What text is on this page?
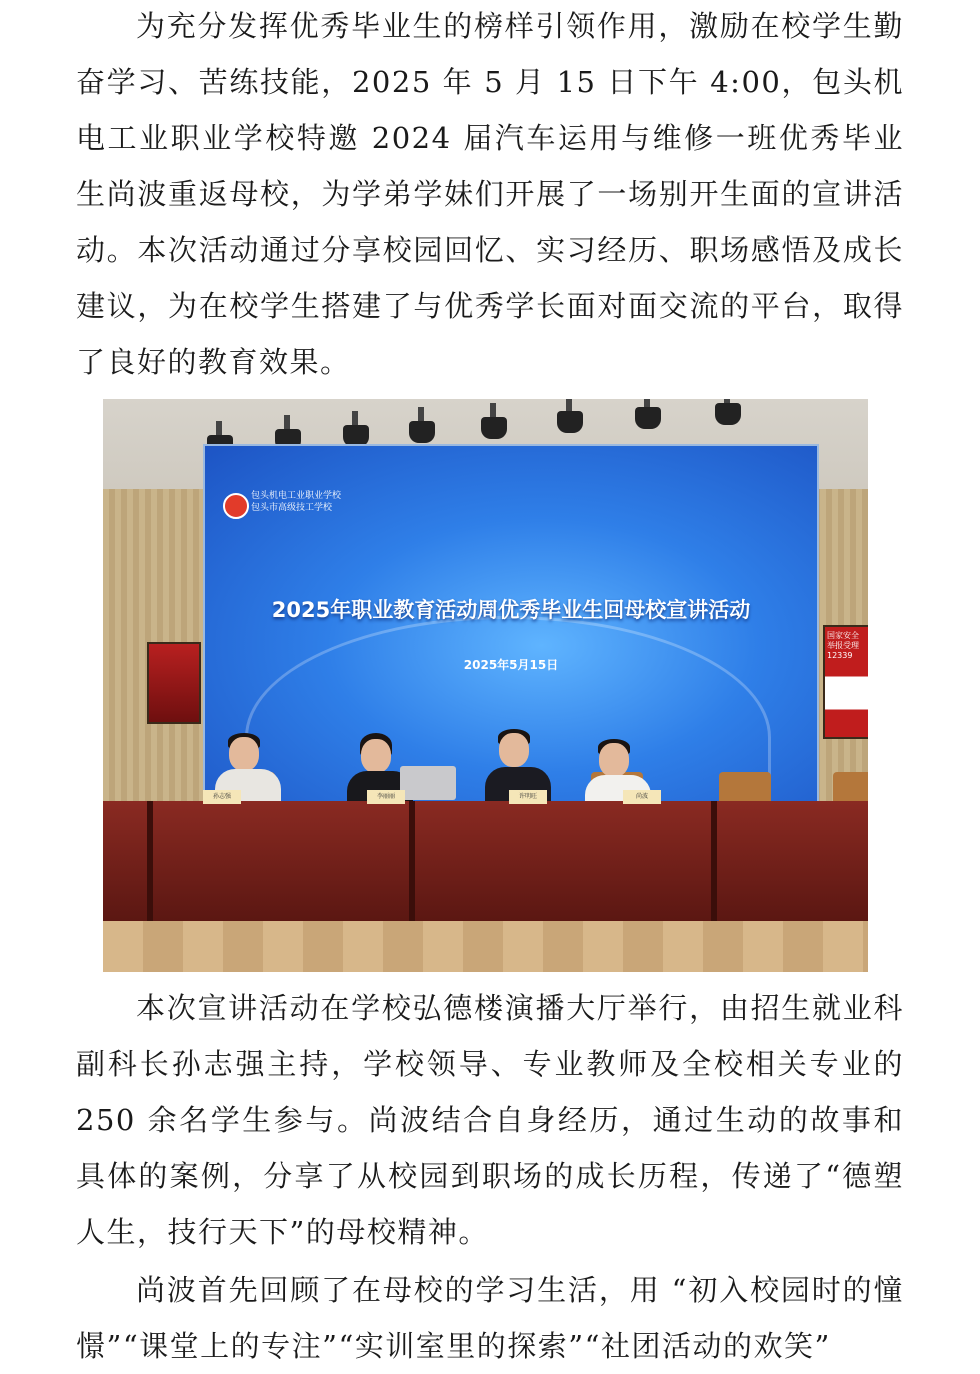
为充分发挥优秀毕业生的榜样引领作用，激励在校学生勤奋学习、苦练技能，2025 年 5 月 15 日下午 4:00，包头机电工业职业学校特邀 2024 届汽车运用与维修一班优秀毕业生尚波重返母校，为学弟学妹们开展了一场别开生面的宣讲活动。本次活动通过分享校园回忆、实习经历、职场感悟及成长建议，为在校学生搭建了与优秀学长面对面交流的平台，取得了良好的教育效果。

包头机电工业职业学校
包头市高级技工学校
2025年职业教育活动周优秀毕业生回母校宣讲活动
2025年5月15日
国家安全 举报受理 12339
孙志强	李丽丽	许明旺	尚波

本次宣讲活动在学校弘德楼演播大厅举行，由招生就业科副科长孙志强主持，学校领导、专业教师及全校相关专业的 250 余名学生参与。尚波结合自身经历，通过生动的故事和具体的案例，分享了从校园到职场的成长历程，传递了“德塑人生，技行天下”的母校精神。

尚波首先回顾了在母校的学习生活，用 “初入校园时的憧憬”“课堂上的专注”“实训室里的探索”“社团活动的欢笑”
